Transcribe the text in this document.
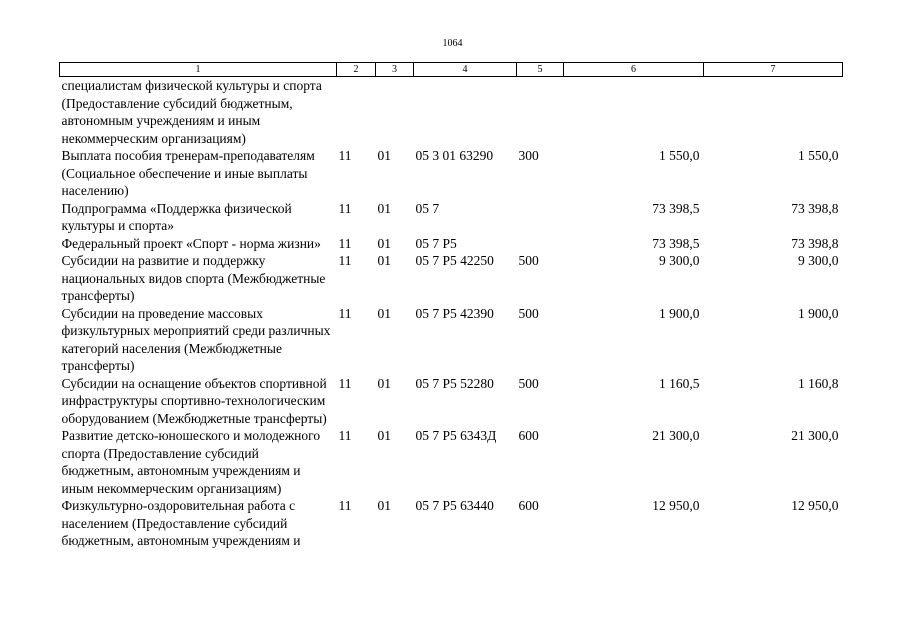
1064
1	2	3	4	5	6	7
специалистам физической культуры и спорта (Предоставление субсидий бюджетным, автономным учреждениям и иным некоммерческим организациям)						
Выплата пособия тренерам-преподавателям (Социальное обеспечение и иные выплаты населению)	11	01	05 3 01 63290	300	1 550,0	1 550,0
Подпрограмма «Поддержка физической культуры и спорта»	11	01	05 7		73 398,5	73 398,8
Федеральный проект «Спорт - норма жизни»	11	01	05 7 P5		73 398,5	73 398,8
Субсидии на развитие и поддержку национальных видов спорта (Межбюджетные трансферты)	11	01	05 7 P5 42250	500	9 300,0	9 300,0
Субсидии на проведение массовых физкультурных мероприятий среди различных категорий населения (Межбюджетные трансферты)	11	01	05 7 P5 42390	500	1 900,0	1 900,0
Субсидии на оснащение объектов спортивной инфраструктуры спортивно-технологическим оборудованием (Межбюджетные трансферты)	11	01	05 7 P5 52280	500	1 160,5	1 160,8
Развитие детско-юношеского и молодежного спорта (Предоставление субсидий бюджетным, автономным учреждениям и иным некоммерческим организациям)	11	01	05 7 P5 6343Д	600	21 300,0	21 300,0
Физкультурно-оздоровительная работа с населением (Предоставление субсидий бюджетным, автономным учреждениям и	11	01	05 7 P5 63440	600	12 950,0	12 950,0
